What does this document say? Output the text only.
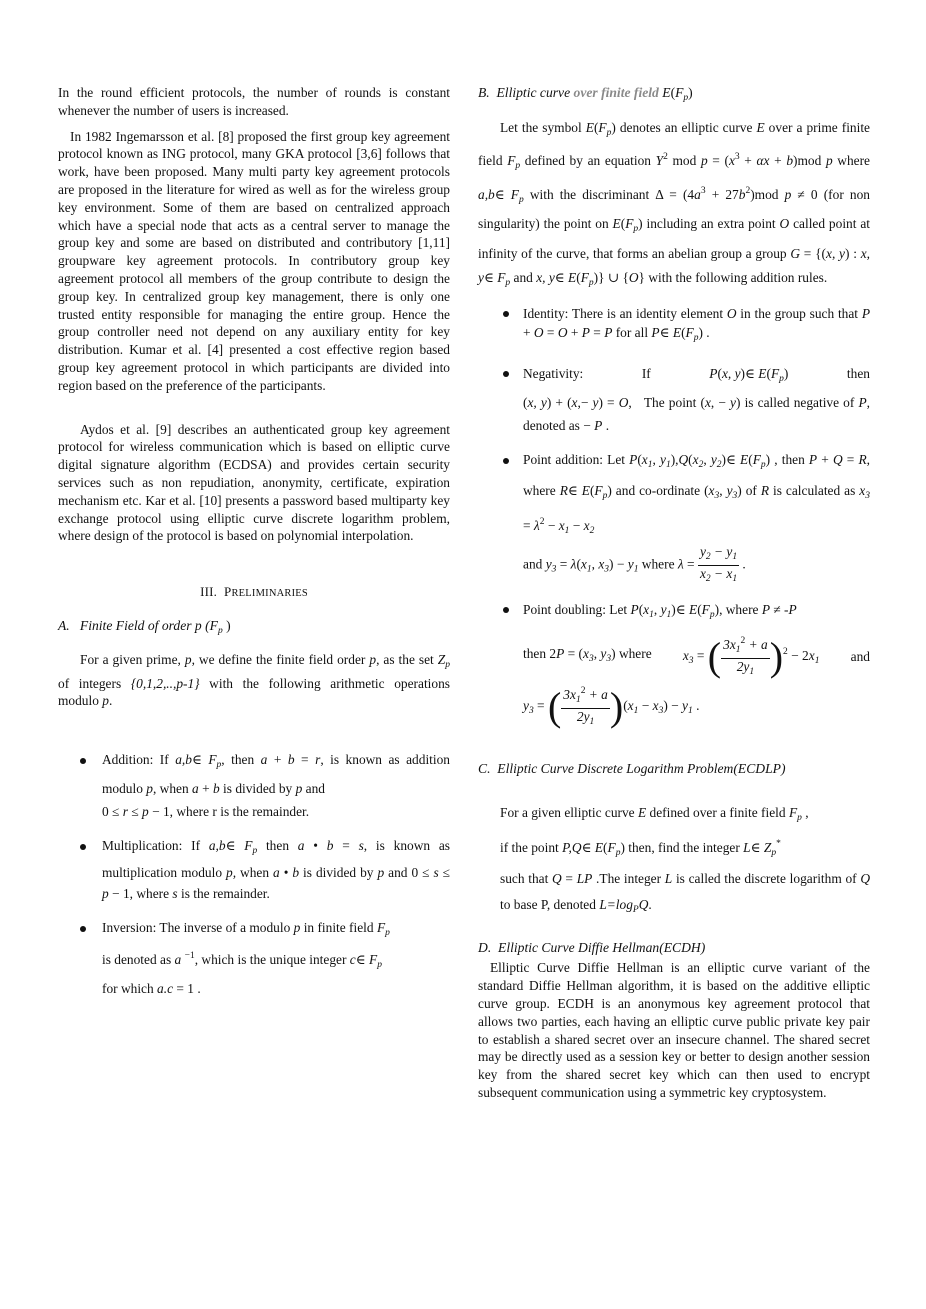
In the round efficient protocols, the number of rounds is constant whenever the number of users is increased.

In 1982 Ingemarsson et al. [8] proposed the first group key agreement protocol known as ING protocol, many GKA protocol [3,6] follows that work, have been proposed. Many multi party key agreement protocols are proposed in the literature for wired as well as for the wireless group key environment. Some of them are based on centralized approach which have a special node that acts as a central server to manage the group key and some are based on distributed and contributory [1,11] groupware key agreement protocols. In contributory group key agreement protocol all members of the group contribute to design the group key. In centralized group key management, there is only one trusted entity responsible for managing the entire group. Hence the group controller need not depend on any auxiliary entity for key distribution. Kumar et al. [4] presented a cost effective region based group key agreement protocol in which participants are divided into region based on the preference of the participants.

Aydos et al. [9] describes an authenticated group key agreement protocol for wireless communication which is based on elliptic curve digital signature algorithm (ECDSA) and provides certain security services such as non repudiation, anonymity, certificate, expiration mechanism etc. Kar et al. [10] presents a password based multiparty key exchange protocol using elliptic curve discrete logarithm problem, where design of the protocol is based on polynomial interpolation.

III. PRELIMINARIES
A. Finite Field of order p ($F_p$ )

For a given prime, p, we define the finite field order p, as the set $Z_p$ of integers {0,1,2,..,p-1} with the following arithmetic operations modulo p.

Addition: If a,b∈ $F_p$, then a + b = r, is known as addition modulo p, when a + b is divided by p and
0 ≤ r ≤ p − 1, where r is the remainder.
Multiplication: If a,b∈ $F_p$ then a • b = s, is known as multiplication modulo p, when a • b is divided by p and 0 ≤ s ≤ p − 1, where s is the remainder.
Inversion: The inverse of a modulo p in finite field $F_p$
is denoted as a $^{-1}$, which is the unique integer c∈ $F_p$
for which a.c = 1 .
B. Elliptic curve over finite field $E(F_p)$

Let the symbol $E(F_p)$ denotes an elliptic curve E over a prime finite field $F_p$ defined by an equation $Y^2$ mod $p = (x^3 + \alpha x + b)mod$ p where a,b∈ $F_p$ with the discriminant $\Delta = (4a^3 + 27b^2)mod$ p ≠ 0 (for non singularity) the point on $E(F_p)$ including an extra point O called point at infinity of the curve, that forms an abelian group a group G = {(x, y) : x, y∈ $F_p$ and x, y∈ $E(F_p)$} ∪ {O} with the following addition rules.

Identity: There is an identity element O in the group such that P + O = O + P = P for all P∈ $E(F_p)$ .
Negativity:	If	P(x, y)∈ $E(F_p)$	then
(x, y) + (x,− y) = O,   The point (x, − y) is called negative of P, denoted as − P .
Point addition: Let $P(x_1$, $y_1),Q(x_2$, $y_2)\in$ $E(F_p)$ , then P + Q = R, where R∈ $E(F_p)$ and co-ordinate ($x_3$, $y_3$) of R is calculated as $x_3 = \lambda^2 - x_1 - x_2$
and $y_3 = \lambda(x_1$, $x_3) - y_1$ where $\lambda = \frac{y_2 - y_1}{x_2 - x_1}$ .
Point doubling: Let $P(x_1$, $y_1)\in$ $E(F_p)$, where P ≠ -P
then $2P = (x_3$, $y_3$) where $x_3$ = ( $\frac{3x_1^2 + a}{2y_1} )^2 - 2x_1$ and
$y_3$ = ( $\frac{3x_1^2 + a}{2y_1} )(x_1 - x_3) - y_1$ .
C. Elliptic Curve Discrete Logarithm Problem(ECDLP)

For a given elliptic curve E defined over a finite field $F_p$ ,
if the point P,Q∈ $E(F_p)$ then, find the integer L∈ $Z_p^*$
such that Q = LP .The integer L is called the discrete logarithm of Q to base P, denoted $L=\log_PQ$.

D. Elliptic Curve Diffie Hellman(ECDH)

Elliptic Curve Diffie Hellman is an elliptic curve variant of the standard Diffie Hellman algorithm, it is based on the additive elliptic curve group. ECDH is an anonymous key agreement protocol that allows two parties, each having an elliptic curve public private key pair to establish a shared secret over an insecure channel. The shared secret may be directly used as a session key or better to design another session key from the shared secret key which can then used to encrypt subsequent communication using a symmetric key cryptosystem.
